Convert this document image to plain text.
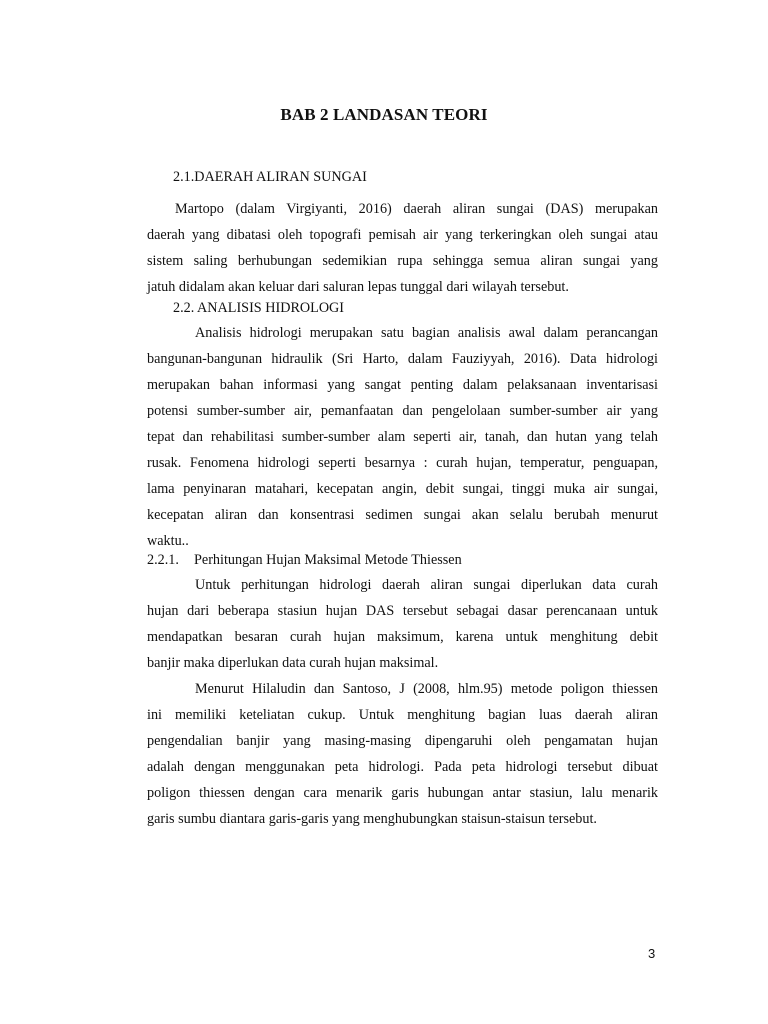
BAB 2 LANDASAN TEORI
2.1.DAERAH ALIRAN SUNGAI
Martopo (dalam Virgiyanti, 2016) daerah aliran sungai (DAS) merupakan
daerah yang dibatasi oleh topografi pemisah air yang terkeringkan oleh sungai atau
sistem saling berhubungan sedemikian rupa sehingga semua aliran sungai yang
jatuh didalam akan keluar dari saluran lepas tunggal dari wilayah tersebut.
2.2. ANALISIS HIDROLOGI
Analisis hidrologi merupakan satu bagian analisis awal dalam perancangan
bangunan-bangunan hidraulik (Sri Harto, dalam Fauziyyah, 2016). Data hidrologi
merupakan bahan informasi yang sangat penting dalam pelaksanaan inventarisasi
potensi sumber-sumber air, pemanfaatan dan pengelolaan sumber-sumber air yang
tepat dan rehabilitasi sumber-sumber alam seperti air, tanah, dan hutan yang telah
rusak. Fenomena hidrologi seperti besarnya : curah hujan, temperatur, penguapan,
lama penyinaran matahari, kecepatan angin, debit sungai, tinggi muka air sungai,
kecepatan aliran dan konsentrasi sedimen sungai akan selalu berubah menurut
waktu..
2.2.1. Perhitungan Hujan Maksimal Metode Thiessen
Untuk perhitungan hidrologi daerah aliran sungai diperlukan data curah
hujan dari beberapa stasiun hujan DAS tersebut sebagai dasar perencanaan untuk
mendapatkan besaran curah hujan maksimum, karena untuk menghitung debit
banjir maka diperlukan data curah hujan maksimal.
Menurut Hilaludin dan Santoso, J (2008, hlm.95) metode poligon thiessen
ini memiliki keteliatan cukup. Untuk menghitung bagian luas daerah aliran
pengendalian banjir yang masing-masing dipengaruhi oleh pengamatan hujan
adalah dengan menggunakan peta hidrologi. Pada peta hidrologi tersebut dibuat
poligon thiessen dengan cara menarik garis hubungan antar stasiun, lalu menarik
garis sumbu diantara garis-garis yang menghubungkan staisun-staisun tersebut.
3
